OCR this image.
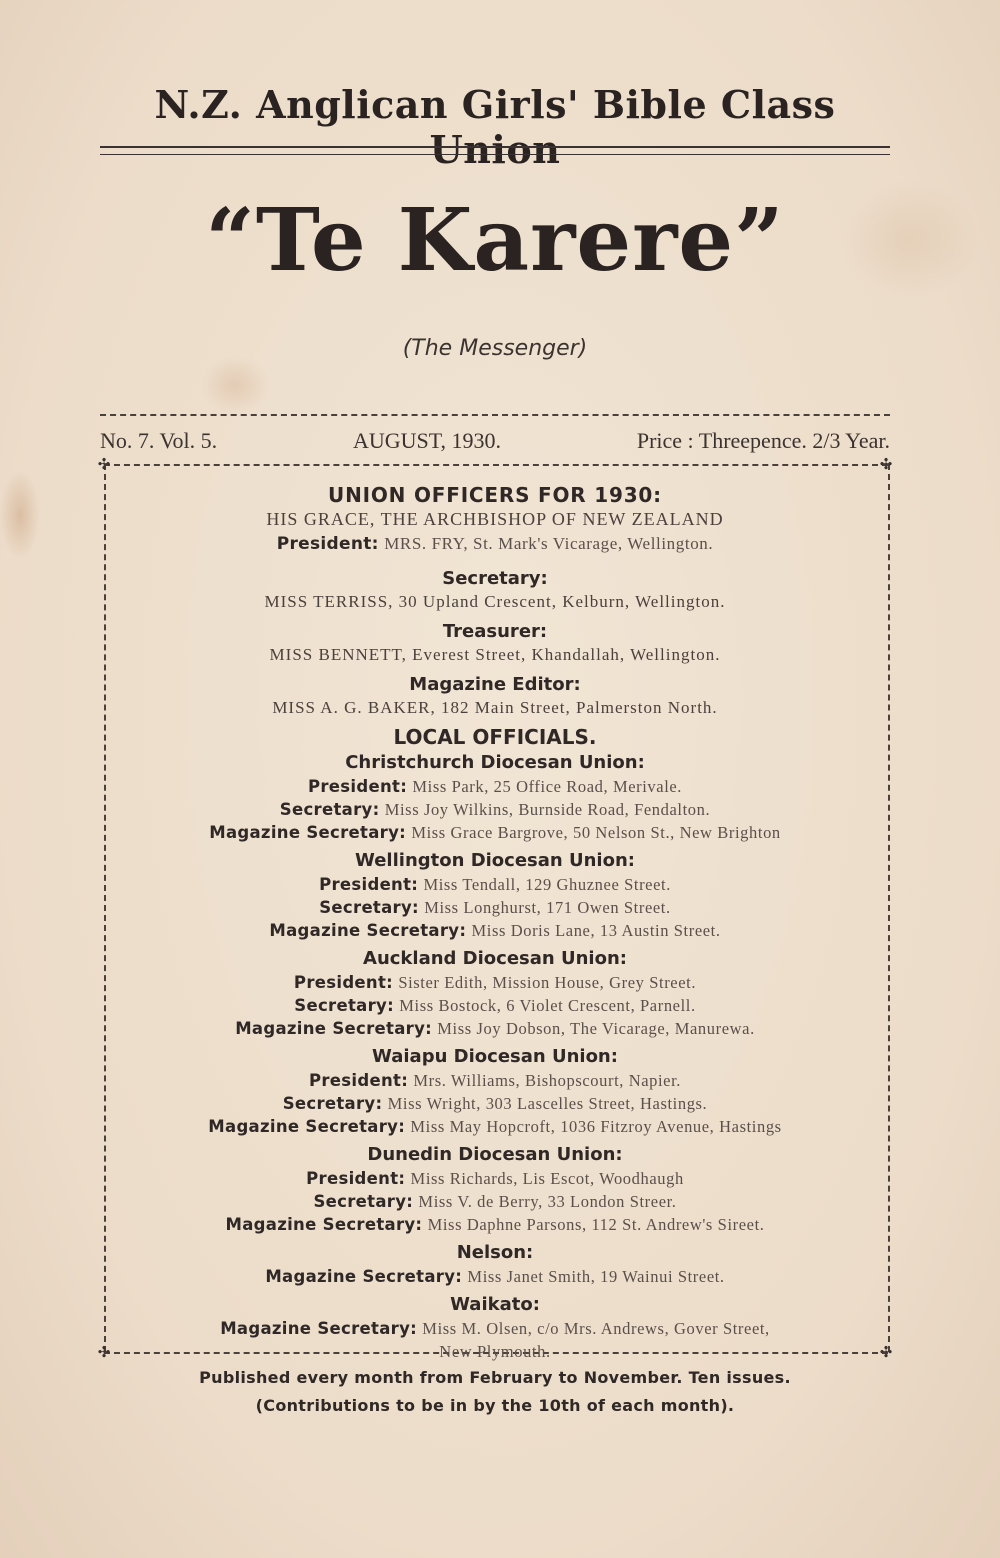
N.Z. Anglican Girls' Bible Class Union
“Te Karere”
(The Messenger)
No. 7. Vol. 5.	AUGUST, 1930.	Price : Threepence. 2/3 Year.
✣	✣
✣	✣
UNION OFFICERS FOR 1930:
HIS GRACE, THE ARCHBISHOP OF NEW ZEALAND
President: MRS. FRY, St. Mark's Vicarage, Wellington.
Secretary:
MISS TERRISS, 30 Upland Crescent, Kelburn, Wellington.
Treasurer:
MISS BENNETT, Everest Street, Khandallah, Wellington.
Magazine Editor:
MISS A. G. BAKER, 182 Main Street, Palmerston North.
LOCAL OFFICIALS.
Christchurch Diocesan Union:
President: Miss Park, 25 Office Road, Merivale.
Secretary: Miss Joy Wilkins, Burnside Road, Fendalton.
Magazine Secretary: Miss Grace Bargrove, 50 Nelson St., New Brighton
Wellington Diocesan Union:
President: Miss Tendall, 129 Ghuznee Street.
Secretary: Miss Longhurst, 171 Owen Street.
Magazine Secretary: Miss Doris Lane, 13 Austin Street.
Auckland Diocesan Union:
President: Sister Edith, Mission House, Grey Street.
Secretary: Miss Bostock, 6 Violet Crescent, Parnell.
Magazine Secretary: Miss Joy Dobson, The Vicarage, Manurewa.
Waiapu Diocesan Union:
President: Mrs. Williams, Bishopscourt, Napier.
Secretary: Miss Wright, 303 Lascelles Street, Hastings.
Magazine Secretary: Miss May Hopcroft, 1036 Fitzroy Avenue, Hastings
Dunedin Diocesan Union:
President: Miss Richards, Lis Escot, Woodhaugh
Secretary: Miss V. de Berry, 33 London Streer.
Magazine Secretary: Miss Daphne Parsons, 112 St. Andrew's Sireet.
Nelson:
Magazine Secretary: Miss Janet Smith, 19 Wainui Street.
Waikato:
Magazine Secretary: Miss M. Olsen, c/o Mrs. Andrews, Gover Street,
New Plymouth.
Published every month from February to November. Ten issues.
(Contributions to be in by the 10th of each month).
